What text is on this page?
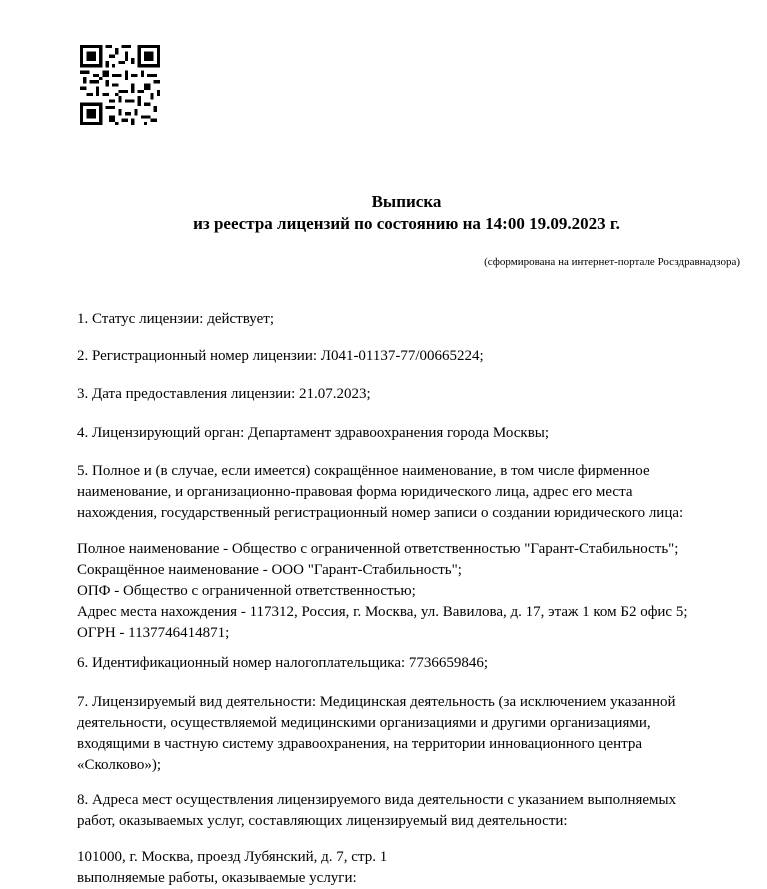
Выписка
из реестра лицензий по состоянию на 14:00 19.09.2023 г.
(сформирована на интернет-портале Росздравнадзора)

1. Статус лицензии: действует;

2. Регистрационный номер лицензии: Л041-01137-77/00665224;

3. Дата предоставления лицензии: 21.07.2023;

4. Лицензирующий орган: Департамент здравоохранения города Москвы;

5. Полное и (в случае, если имеется) сокращённое наименование, в том числе фирменное
наименование, и организационно-правовая форма юридического лица, адрес его места
нахождения, государственный регистрационный номер записи о создании юридического лица:

Полное наименование - Общество с ограниченной ответственностью "Гарант-Стабильность";
Сокращённое наименование - ООО "Гарант-Стабильность";
ОПФ - Общество с ограниченной ответственностью;
Адрес места нахождения - 117312, Россия, г. Москва, ул. Вавилова, д. 17, этаж 1 ком Б2 офис 5;
ОГРН - 1137746414871;

6. Идентификационный номер налогоплательщика: 7736659846;

7. Лицензируемый вид деятельности: Медицинская деятельность (за исключением указанной
деятельности, осуществляемой медицинскими организациями и другими организациями,
входящими в частную систему здравоохранения, на территории инновационного центра
«Сколково»);

8. Адреса мест осуществления лицензируемого вида деятельности с указанием выполняемых
работ, оказываемых услуг, составляющих лицензируемый вид деятельности:

101000, г. Москва, проезд Лубянский, д. 7, стр. 1
выполняемые работы, оказываемые услуги:
